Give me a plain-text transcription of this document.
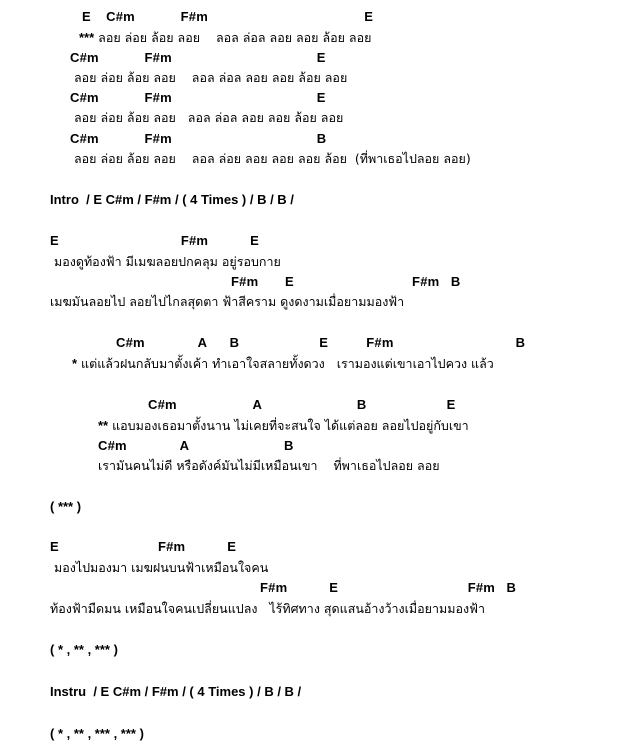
E    C#m            F#m                                         E
*** ลอย ล่อย ล้อย ลอย    ลอล ล่อล ลอย ลอย ล้อย ลอย
C#m            F#m                                      E
ลอย ล่อย ล้อย ลอย    ลอล ล่อล ลอย ลอย ล้อย ลอย
C#m            F#m                                      E
ลอย ล่อย ล้อย ลอย   ลอล ล่อล ลอย ลอย ล้อย ลอย
C#m            F#m                                      B
ลอย ล่อย ล้อย ลอย    ลอล ล่อย ลอย ลอย ลอย ล้อย  (ที่พาเธอไปลอย ลอย)
Intro  / E C#m / F#m / ( 4 Times ) / B / B /
E                                F#m           E
มองดูท้องฟ้า มีเมฆลอยปกคลุม อยู่รอบกาย
F#m       E                               F#m   B
เมฆมันลอยไป ลอยไปไกลสุดตา ฟ้าสีคราม ดูงดงามเมื่อยามมองฟ้า
C#m              A      B                     E          F#m                                B
* แต่แล้วฝนกลับมาตั้งเค้า ทำเอาใจสลายทั้งดวง   เรามองแต่เขาเอาไปควง แล้ว
C#m                    A                         B                     E
** แอบมองเธอมาตั้งนาน ไม่เคยที่จะสนใจ ได้แต่ลอย ลอยไปอยู่กับเขา
C#m              A                         B
เรามันคนไม่ดี หรือดังค์มันไม่มีเหมือนเขา    ที่พาเธอไปลอย ลอย
( *** )
E                          F#m           E
มองไปมองมา เมฆฝนบนฟ้าเหมือนใจคน
F#m           E                                  F#m   B
ท้องฟ้ามืดมน เหมือนใจคนเปลี่ยนแปลง   ไร้ทิศทาง สุดแสนอ้างว้างเมื่อยามมองฟ้า
( * , ** , *** )
Instru  / E C#m / F#m / ( 4 Times ) / B / B /
( * , ** , *** , *** )
